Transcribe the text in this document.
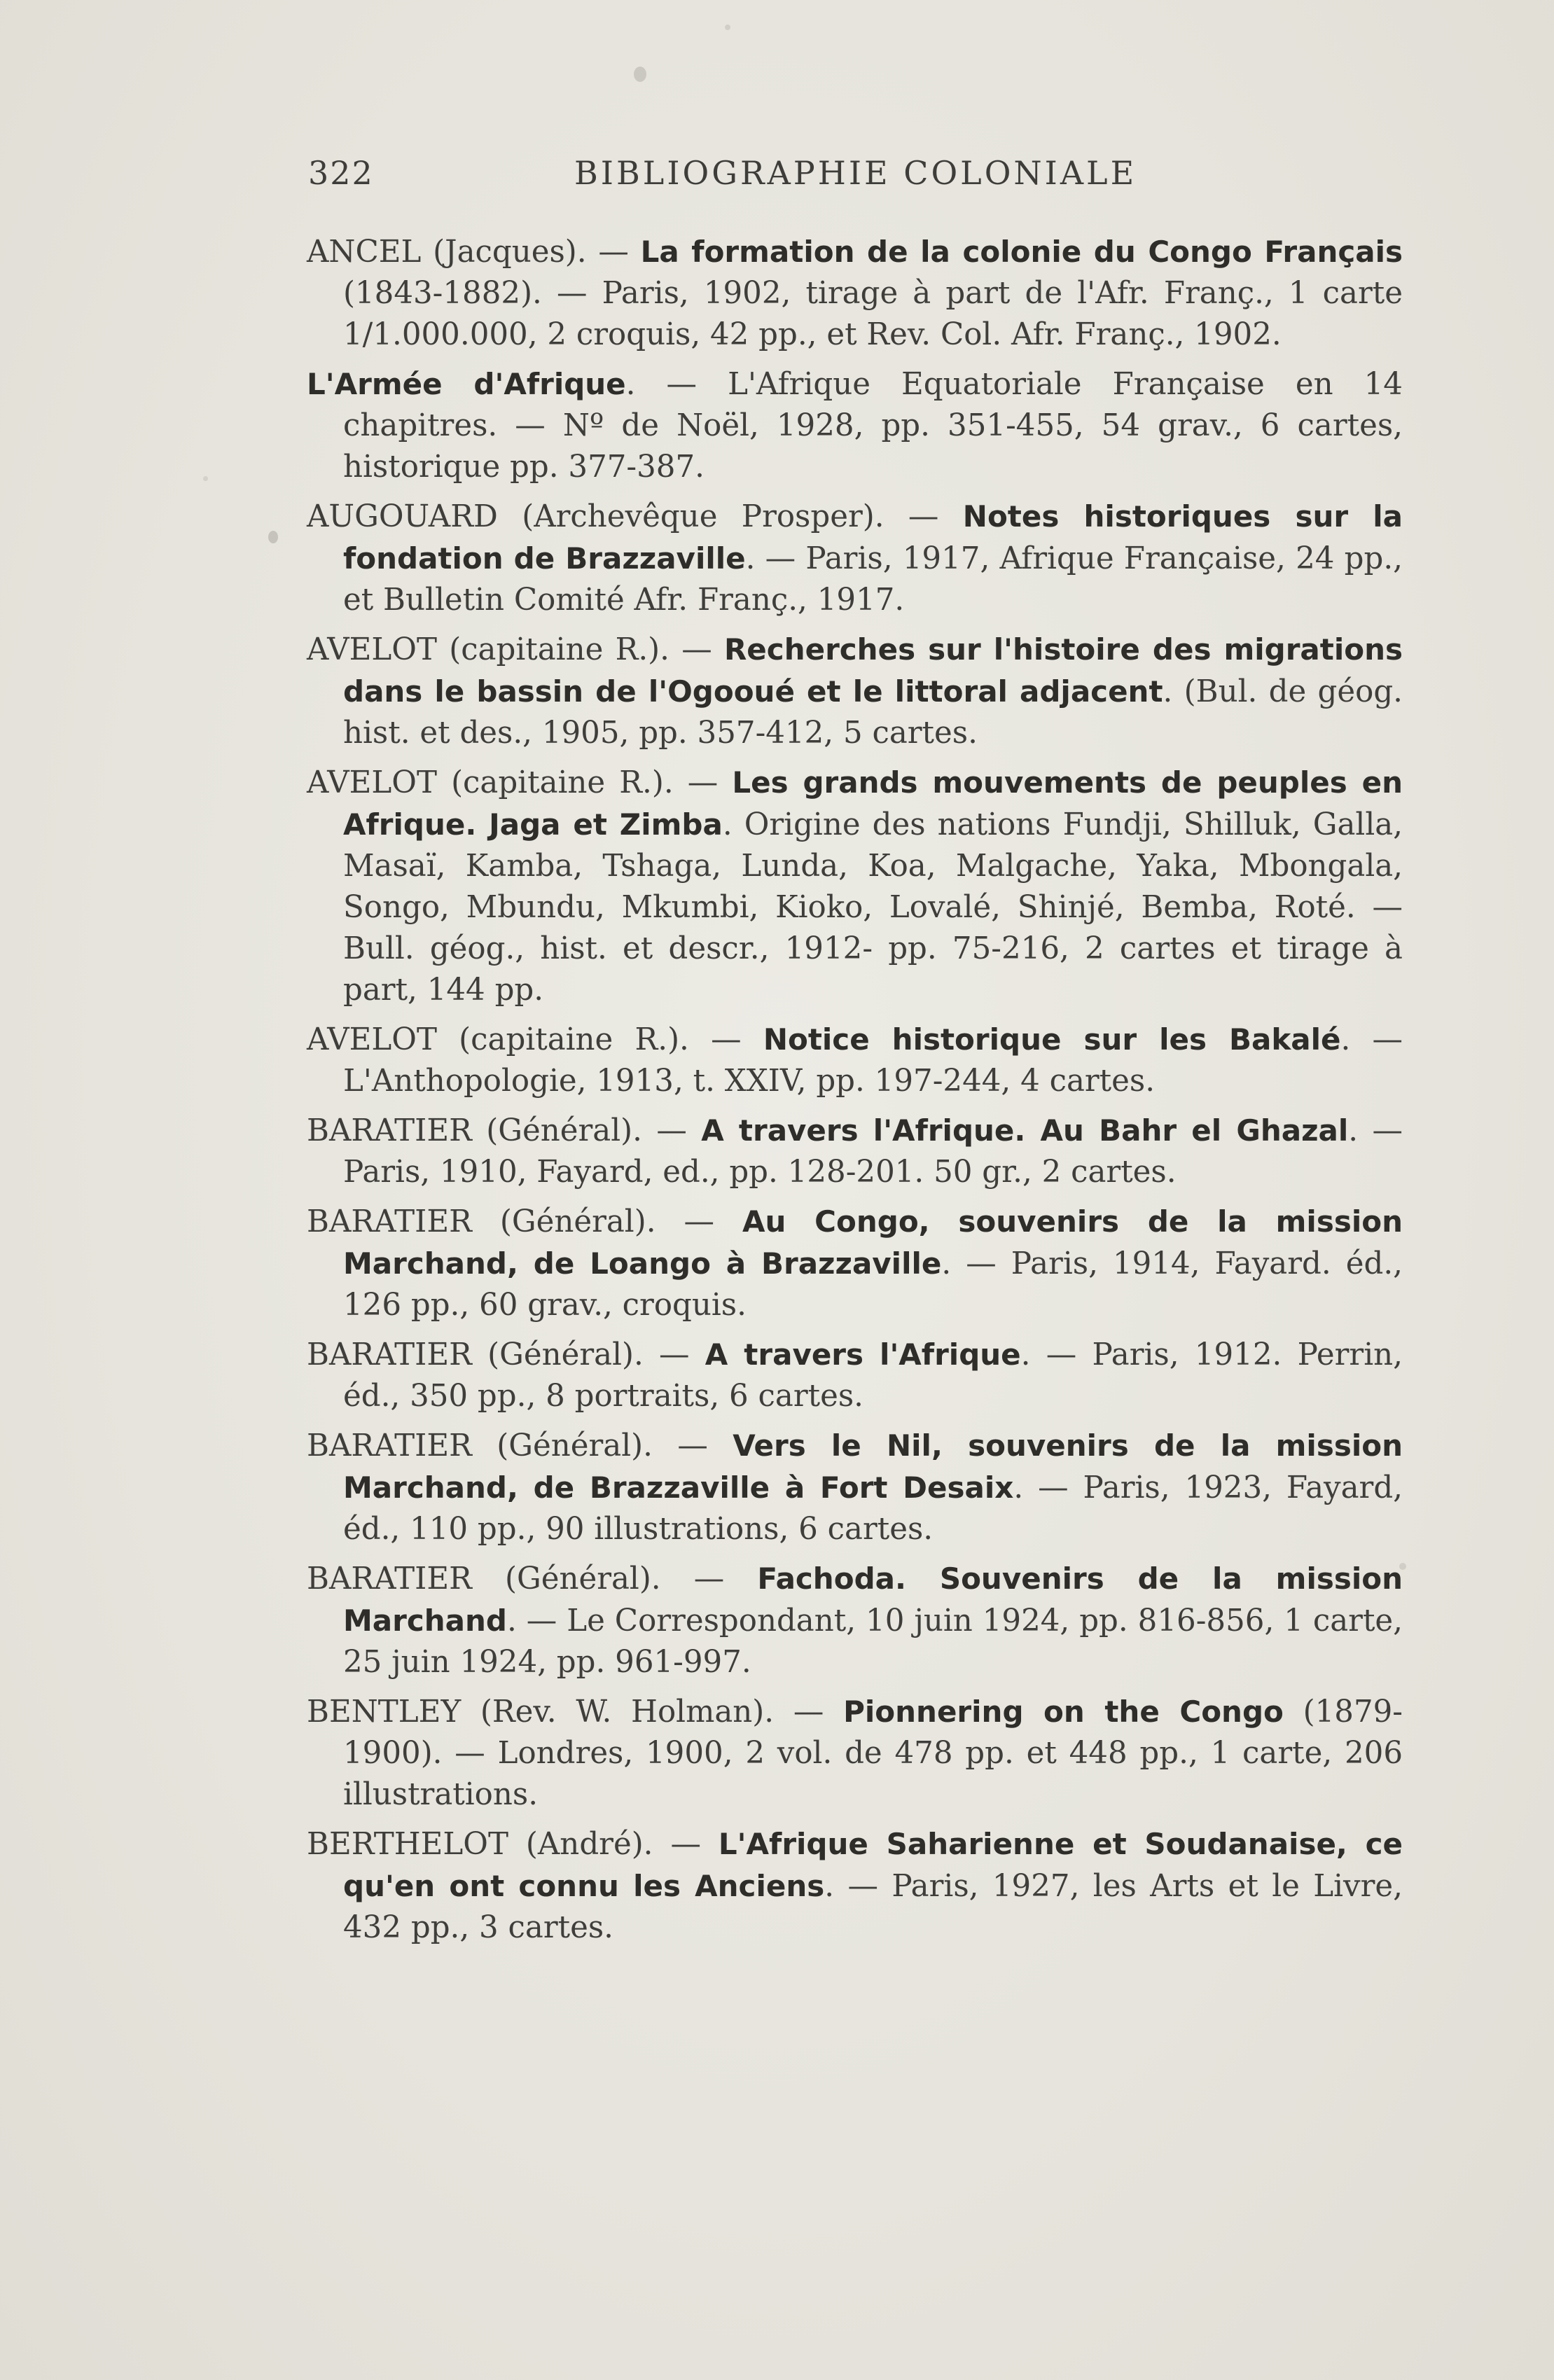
322	BIBLIOGRAPHIE COLONIALE

ANCEL (Jacques). — La formation de la colonie du Congo Français (1843-1882). — Paris, 1902, tirage à part de l'Afr. Franç., 1 carte 1/1.000.000, 2 croquis, 42 pp., et Rev. Col. Afr. Franç., 1902.

L'Armée d'Afrique. — L'Afrique Equatoriale Française en 14 chapitres. — Nº de Noël, 1928, pp. 351-455, 54 grav., 6 cartes, historique pp. 377-387.

AUGOUARD (Archevêque Prosper). — Notes historiques sur la fondation de Brazzaville. — Paris, 1917, Afrique Française, 24 pp., et Bulletin Comité Afr. Franç., 1917.

AVELOT (capitaine R.). — Recherches sur l'histoire des migrations dans le bassin de l'Ogooué et le littoral adjacent. (Bul. de géog. hist. et des., 1905, pp. 357-412, 5 cartes.

AVELOT (capitaine R.). — Les grands mouvements de peuples en Afrique. Jaga et Zimba. Origine des nations Fundji, Shilluk, Galla, Masaï, Kamba, Tshaga, Lunda, Koa, Malgache, Yaka, Mbongala, Songo, Mbundu, Mkumbi, Kioko, Lovalé, Shinjé, Bemba, Roté. — Bull. géog., hist. et descr., 1912- pp. 75-216, 2 cartes et tirage à part, 144 pp.

AVELOT (capitaine R.). — Notice historique sur les Bakalé. — L'Anthopologie, 1913, t. XXIV, pp. 197-244, 4 cartes.

BARATIER (Général). — A travers l'Afrique. Au Bahr el Ghazal. — Paris, 1910, Fayard, ed., pp. 128-201. 50 gr., 2 cartes.

BARATIER (Général). — Au Congo, souvenirs de la mission Marchand, de Loango à Brazzaville. — Paris, 1914, Fayard. éd., 126 pp., 60 grav., croquis.

BARATIER (Général). — A travers l'Afrique. — Paris, 1912. Perrin, éd., 350 pp., 8 portraits, 6 cartes.

BARATIER (Général). — Vers le Nil, souvenirs de la mission Marchand, de Brazzaville à Fort Desaix. — Paris, 1923, Fayard, éd., 110 pp., 90 illustrations, 6 cartes.

BARATIER (Général). — Fachoda. Souvenirs de la mission Marchand. — Le Correspondant, 10 juin 1924, pp. 816-856, 1 carte, 25 juin 1924, pp. 961-997.

BENTLEY (Rev. W. Holman). — Pionnering on the Congo (1879-1900). — Londres, 1900, 2 vol. de 478 pp. et 448 pp., 1 carte, 206 illustrations.

BERTHELOT (André). — L'Afrique Saharienne et Soudanaise, ce qu'en ont connu les Anciens. — Paris, 1927, les Arts et le Livre, 432 pp., 3 cartes.
